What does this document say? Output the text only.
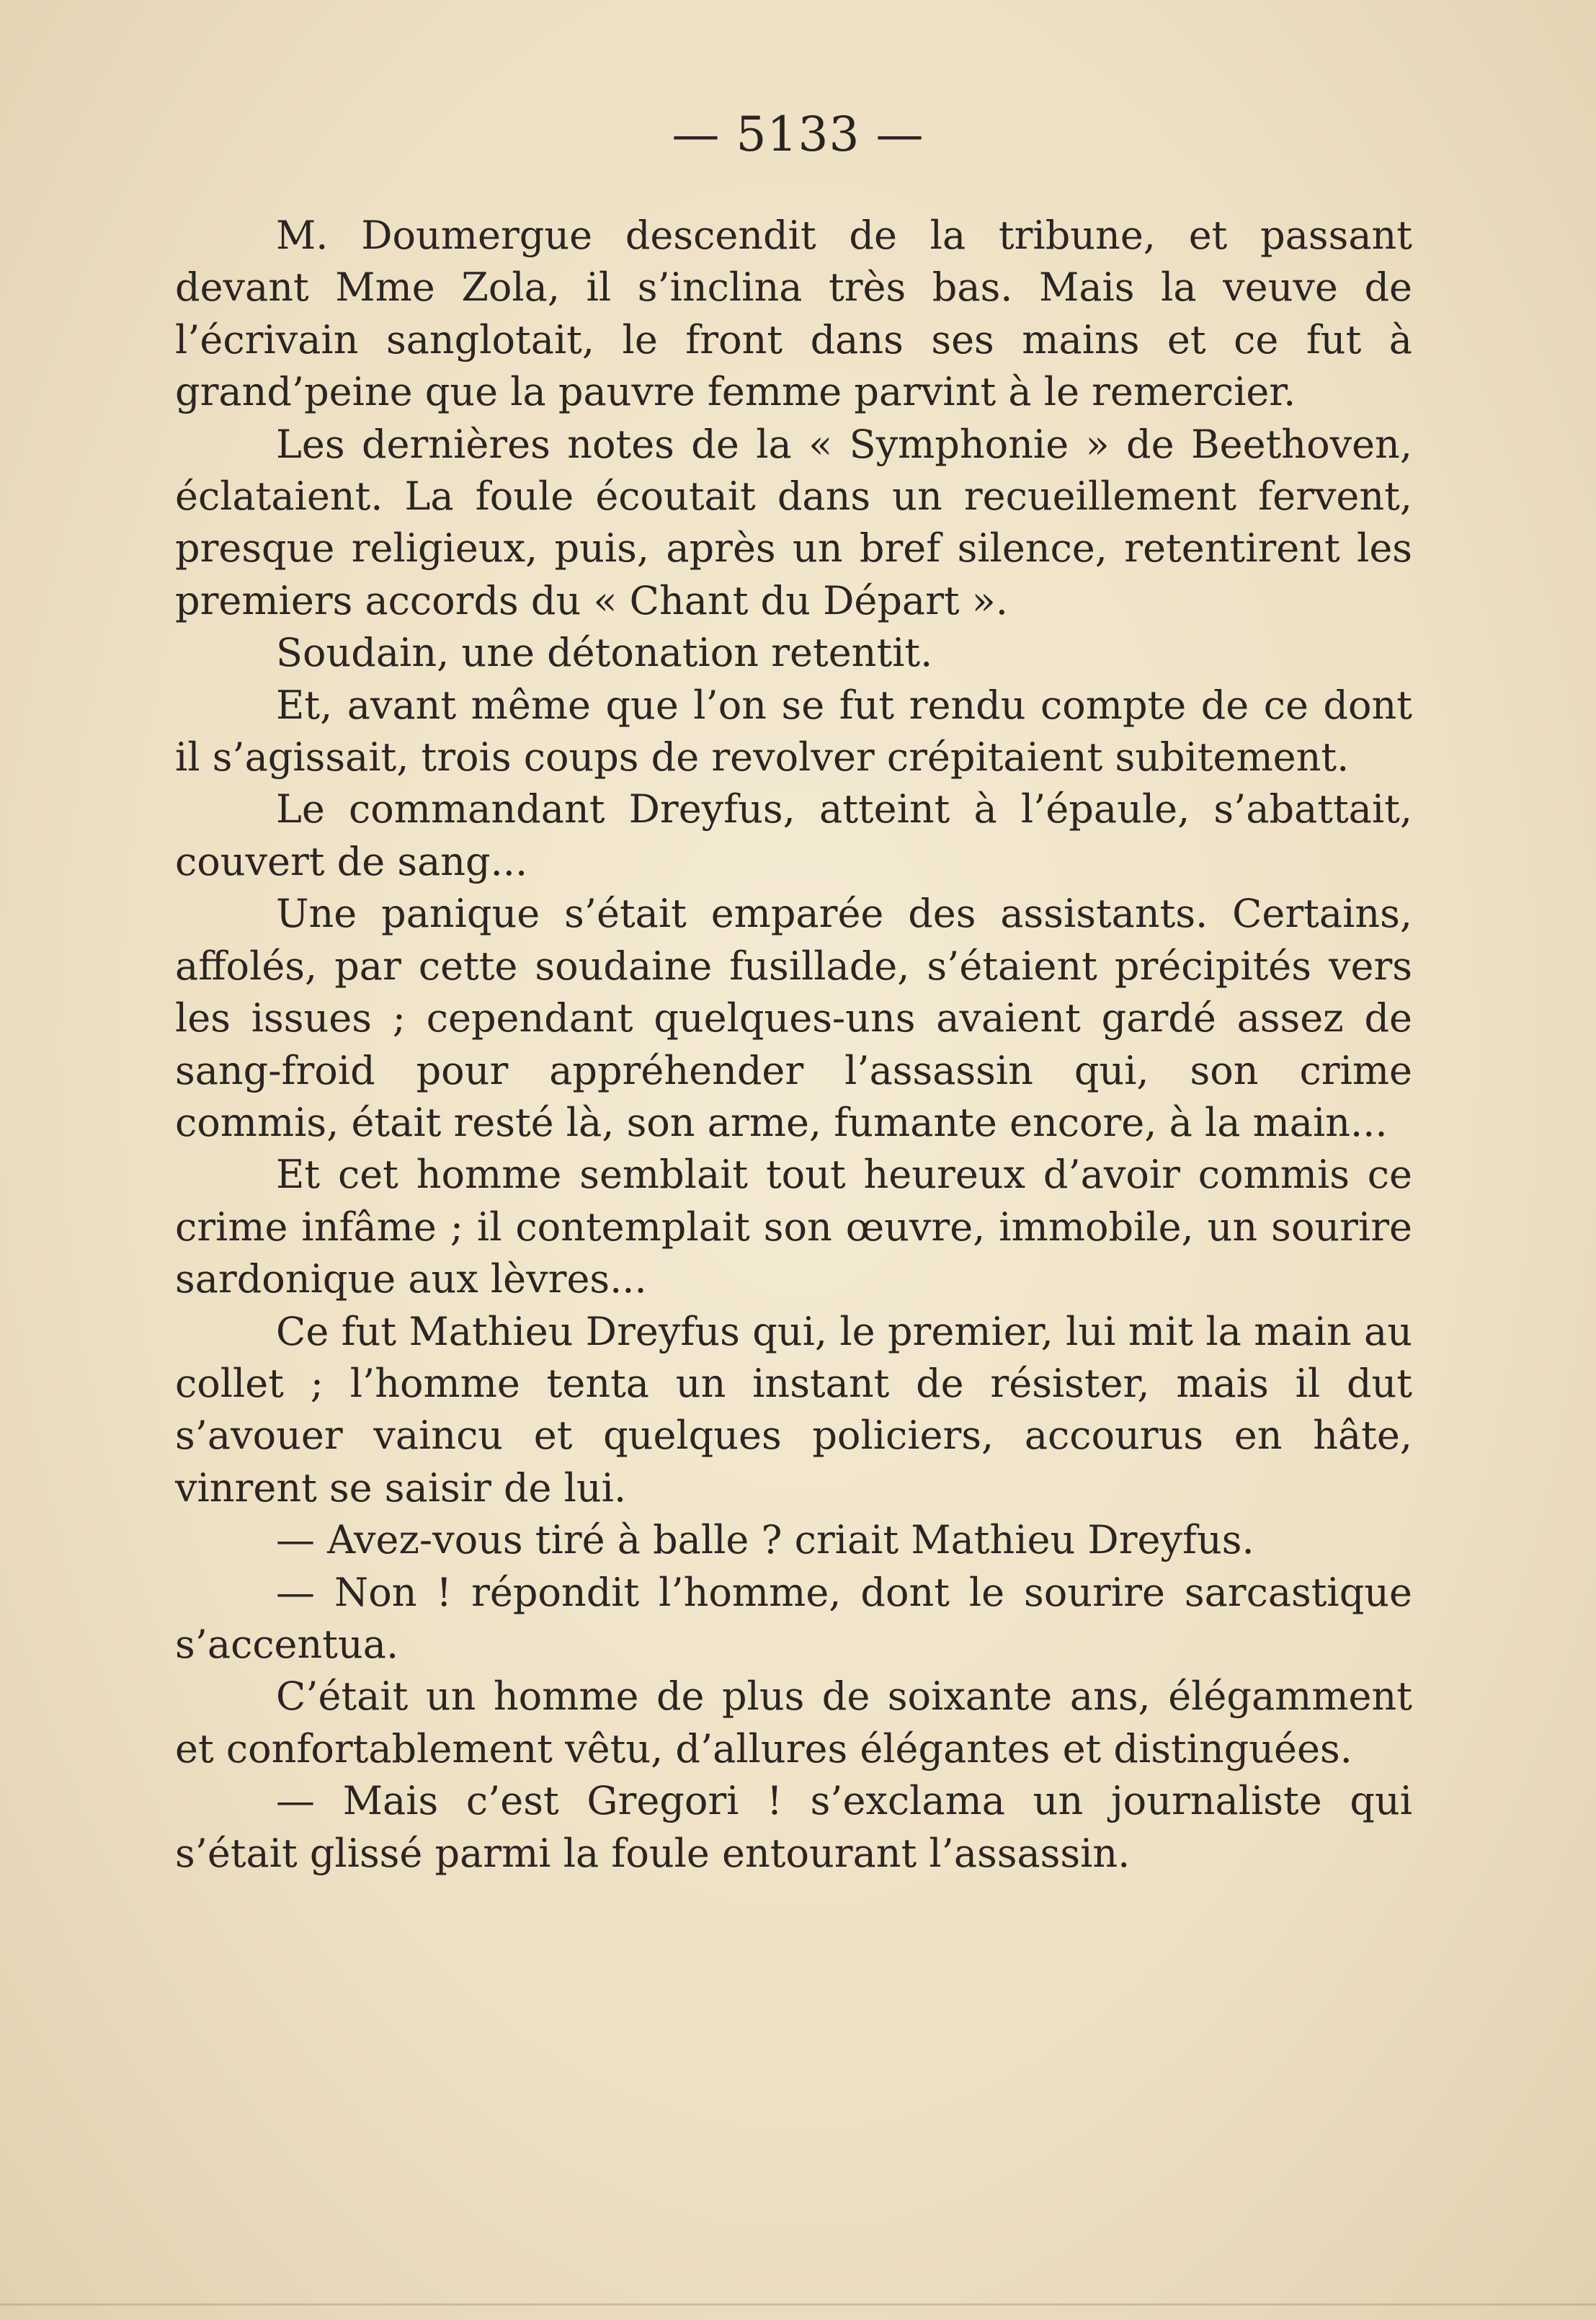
— 5133 —

M. Doumergue descendit de la tribune, et passant devant Mme Zola, il s’inclina très bas. Mais la veuve de l’écrivain sanglotait, le front dans ses mains et ce fut à grand’peine que la pauvre femme parvint à le remercier.

Les dernières notes de la « Symphonie » de Beethoven, éclataient. La foule écoutait dans un recueillement fervent, presque religieux, puis, après un bref silence, retentirent les premiers accords du « Chant du Départ ».

Soudain, une détonation retentit.

Et, avant même que l’on se fut rendu compte de ce dont il s’agissait, trois coups de revolver crépitaient subitement.

Le commandant Dreyfus, atteint à l’épaule, s’abattait, couvert de sang...

Une panique s’était emparée des assistants. Certains, affolés, par cette soudaine fusillade, s’étaient précipités vers les issues ; cependant quelques-uns avaient gardé assez de sang-froid pour appréhender l’assassin qui, son crime commis, était resté là, son arme, fumante encore, à la main...

Et cet homme semblait tout heureux d’avoir commis ce crime infâme ; il contemplait son œuvre, immobile, un sourire sardonique aux lèvres...

Ce fut Mathieu Dreyfus qui, le premier, lui mit la main au collet ; l’homme tenta un instant de résister, mais il dut s’avouer vaincu et quelques policiers, accourus en hâte, vinrent se saisir de lui.

— Avez-vous tiré à balle ? criait Mathieu Dreyfus.

— Non ! répondit l’homme, dont le sourire sarcastique s’accentua.

C’était un homme de plus de soixante ans, élégamment et confortablement vêtu, d’allures élégantes et distinguées.

— Mais c’est Gregori ! s’exclama un journaliste qui s’était glissé parmi la foule entourant l’assassin.
